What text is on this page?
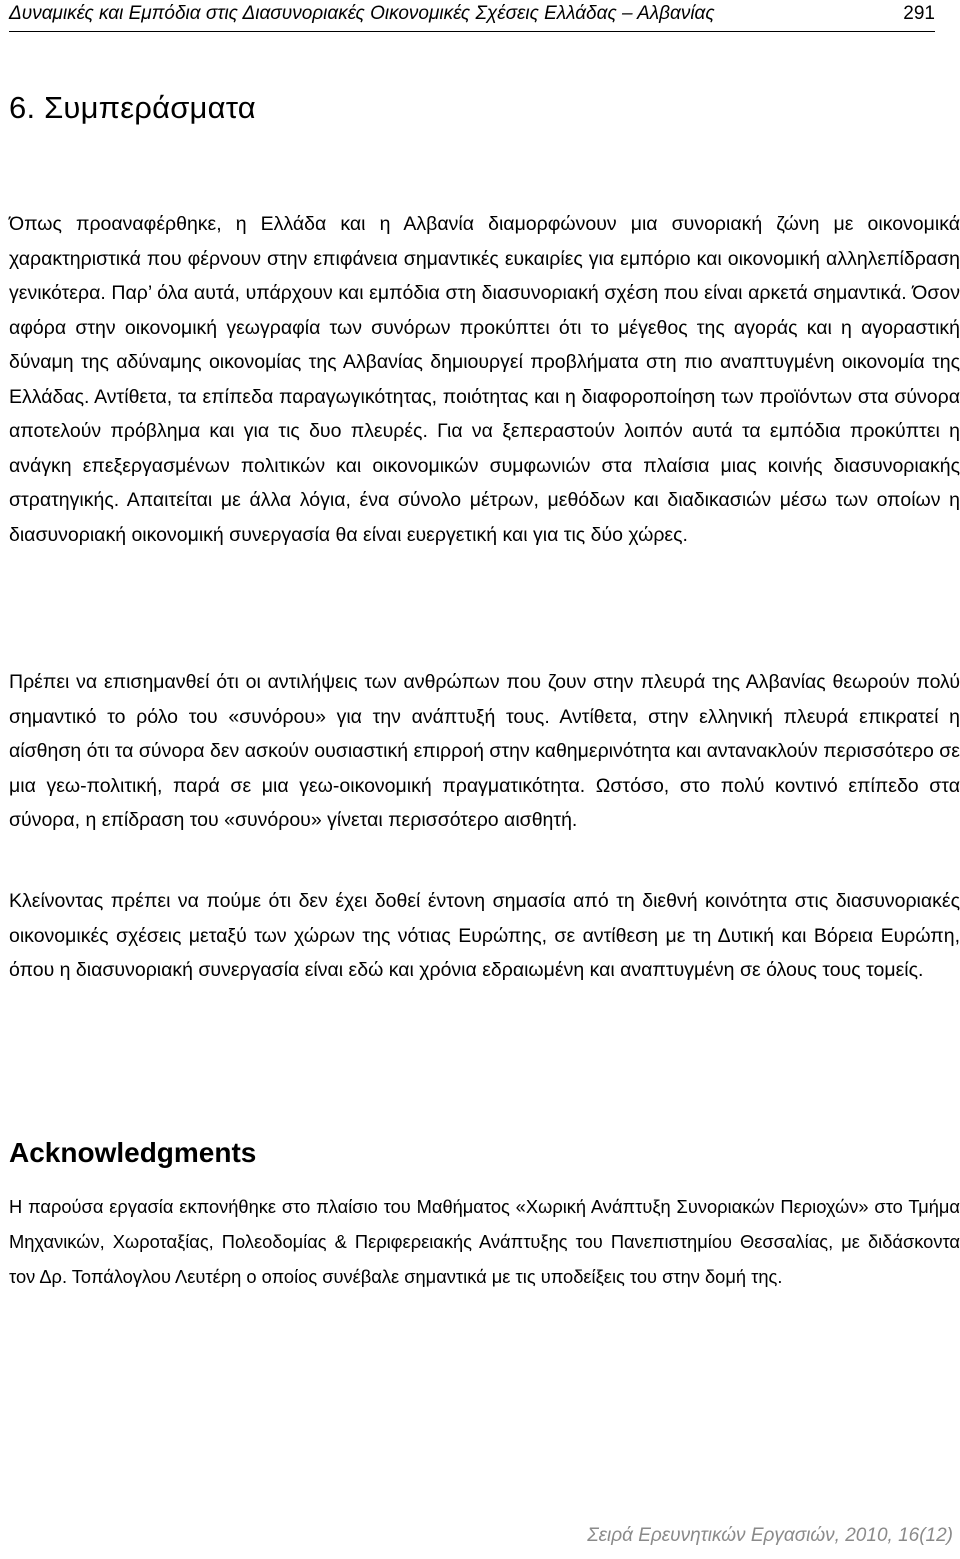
Δυναμικές και Εμπόδια στις Διασυνοριακές Οικονομικές Σχέσεις Ελλάδας – Αλβανίας	291
6. Συμπεράσματα

Όπως προαναφέρθηκε, η Ελλάδα και η Αλβανία διαμορφώνουν μια συνοριακή ζώνη με οικονομικά χαρακτηριστικά που φέρνουν στην επιφάνεια σημαντικές ευκαιρίες για εμπόριο και οικονομική αλληλεπίδραση γενικότερα. Παρ’ όλα αυτά, υπάρχουν και εμπόδια στη διασυνοριακή σχέση που είναι αρκετά σημαντικά. Όσον αφόρα στην οικονομική γεωγραφία των συνόρων προκύπτει ότι το μέγεθος της αγοράς και η αγοραστική δύναμη της αδύναμης οικονομίας της Αλβανίας δημιουργεί προβλήματα στη πιο αναπτυγμένη οικονομία της Ελλάδας. Αντίθετα, τα επίπεδα παραγωγικότητας, ποιότητας και η διαφοροποίηση των προϊόντων στα σύνορα αποτελούν πρόβλημα και για τις δυο πλευρές. Για να ξεπεραστούν λοιπόν αυτά τα εμπόδια προκύπτει η ανάγκη επεξεργασμένων πολιτικών και οικονομικών συμφωνιών στα πλαίσια μιας κοινής διασυνοριακής στρατηγικής. Απαιτείται με άλλα λόγια, ένα σύνολο μέτρων, μεθόδων και διαδικασιών μέσω των οποίων η διασυνοριακή οικονομική συνεργασία θα είναι ευεργετική και για τις δύο χώρες.

Πρέπει να επισημανθεί ότι οι αντιλήψεις των ανθρώπων που ζουν στην πλευρά της Αλβανίας θεωρούν πολύ σημαντικό το ρόλο του «συνόρου» για την ανάπτυξή τους. Αντίθετα, στην ελληνική πλευρά επικρατεί η αίσθηση ότι τα σύνορα δεν ασκούν ουσιαστική επιρροή στην καθημερινότητα και αντανακλούν περισσότερο σε μια γεω-πολιτική, παρά σε μια γεω-οικονομική πραγματικότητα. Ωστόσο, στο πολύ κοντινό επίπεδο στα σύνορα, η επίδραση του «συνόρου» γίνεται περισσότερο αισθητή.

Κλείνοντας πρέπει να πούμε ότι δεν έχει δοθεί έντονη σημασία από τη διεθνή κοινότητα στις διασυνοριακές οικονομικές σχέσεις μεταξύ των χώρων της νότιας Ευρώπης, σε αντίθεση με τη Δυτική και Βόρεια Ευρώπη, όπου η διασυνοριακή συνεργασία είναι εδώ και χρόνια εδραιωμένη και αναπτυγμένη σε όλους τους τομείς.

Acknowledgments

Η παρούσα εργασία εκπονήθηκε στο πλαίσιο του Μαθήματος «Χωρική Ανάπτυξη Συνοριακών Περιοχών» στο Τμήμα Μηχανικών, Χωροταξίας, Πολεοδομίας & Περιφερειακής Ανάπτυξης του Πανεπιστημίου Θεσσαλίας, με διδάσκοντα τον Δρ. Τοπάλογλου Λευτέρη ο οποίος συνέβαλε σημαντικά με τις υποδείξεις του στην δομή της.

Σειρά Ερευνητικών Εργασιών, 2010, 16(12)
